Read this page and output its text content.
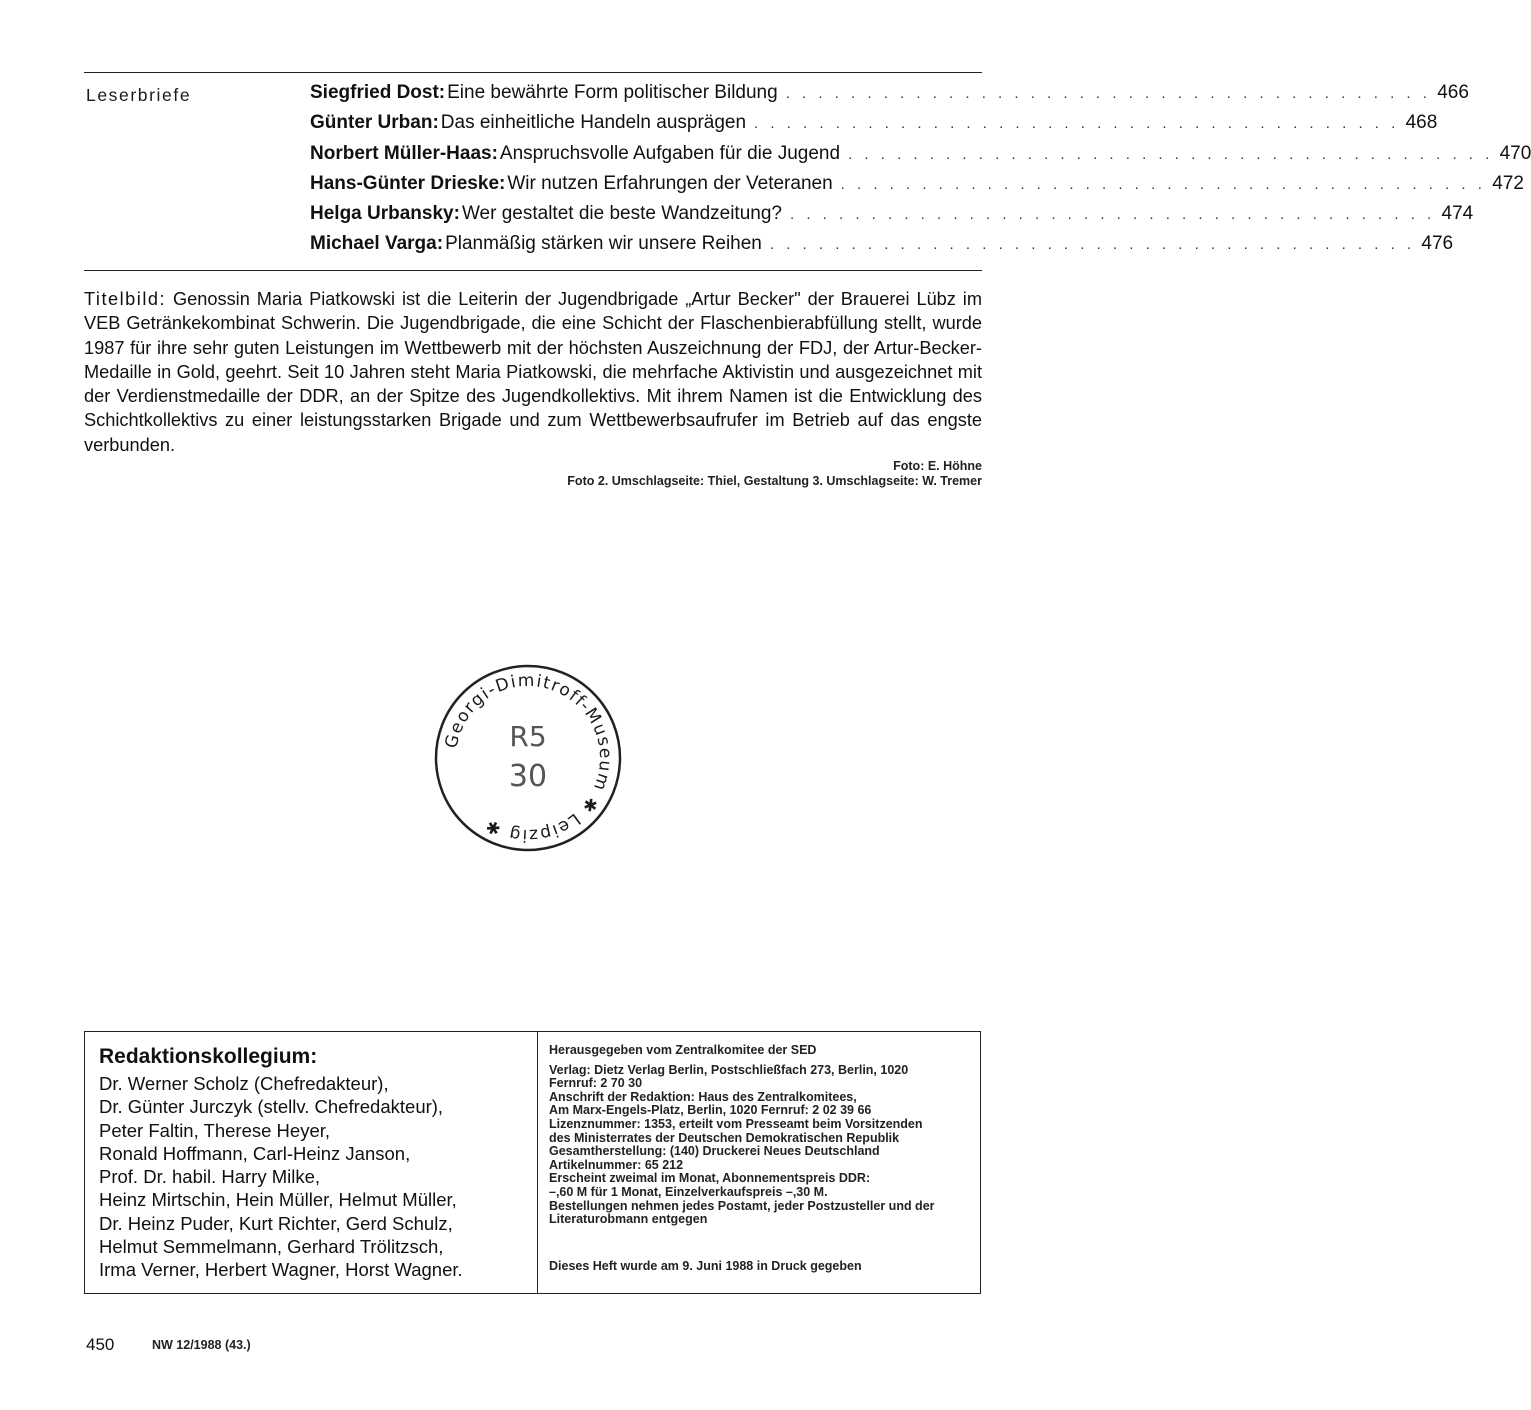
Leserbriefe	Siegfried Dost: Eine bewährte Form politischer Bildung . . . . . . . . . . . . . . . . . . . . . . . . . . . . . . . . . . . . . . . . 466
Günter Urban: Das einheitliche Handeln ausprägen . . . . . . . . . . . . . . . . . . . . . . . . . . . . . . . . . . . . . . . . 468
Norbert Müller-Haas: Anspruchsvolle Aufgaben für die Jugend . . . . . . . . . . . . . . . . . . . . . . . . . . . . . . . . . . . . . . . . 470
Hans-Günter Drieske: Wir nutzen Erfahrungen der Veteranen . . . . . . . . . . . . . . . . . . . . . . . . . . . . . . . . . . . . . . . . 472
Helga Urbansky: Wer gestaltet die beste Wandzeitung? . . . . . . . . . . . . . . . . . . . . . . . . . . . . . . . . . . . . . . . . 474
Michael Varga: Planmäßig stärken wir unsere Reihen . . . . . . . . . . . . . . . . . . . . . . . . . . . . . . . . . . . . . . . . 476

Titelbild: Genossin Maria Piatkowski ist die Leiterin der Jugendbrigade „Artur Becker" der Brauerei Lübz im VEB Getränkekombinat Schwerin. Die Jugendbrigade, die eine Schicht der Flaschenbierabfüllung stellt, wurde 1987 für ihre sehr guten Leistungen im Wettbewerb mit der höchsten Auszeichnung der FDJ, der Artur-Becker-Medaille in Gold, geehrt. Seit 10 Jahren steht Maria Piatkowski, die mehrfache Aktivistin und ausgezeichnet mit der Verdienstmedaille der DDR, an der Spitze des Jugendkollektivs. Mit ihrem Namen ist die Entwicklung des Schichtkollektivs zu einer leistungsstarken Brigade und zum Wettbewerbsaufrufer im Betrieb auf das engste verbunden.

Foto: E. Höhne
Foto 2. Umschlagseite: Thiel, Gestaltung 3. Umschlagseite: W. Tremer
Georgi-Dimitroff-Museum ✱ Leipzig ✱
R5
30
Redaktionskollegium:
Dr. Werner Scholz (Chefredakteur),
Dr. Günter Jurczyk (stellv. Chefredakteur),
Peter Faltin, Therese Heyer,
Ronald Hoffmann, Carl-Heinz Janson,
Prof. Dr. habil. Harry Milke,
Heinz Mirtschin, Hein Müller, Helmut Müller,
Dr. Heinz Puder, Kurt Richter, Gerd Schulz,
Helmut Semmelmann, Gerhard Trölitzsch,
Irma Verner, Herbert Wagner, Horst Wagner.
Herausgegeben vom Zentralkomitee der SED
Verlag: Dietz Verlag Berlin, Postschließfach 273, Berlin, 1020
Fernruf: 2 70 30
Anschrift der Redaktion: Haus des Zentralkomitees,
Am Marx-Engels-Platz, Berlin, 1020 Fernruf: 2 02 39 66
Lizenznummer: 1353, erteilt vom Presseamt beim Vorsitzenden
des Ministerrates der Deutschen Demokratischen Republik
Gesamtherstellung: (140) Druckerei Neues Deutschland
Artikelnummer: 65 212
Erscheint zweimal im Monat, Abonnementspreis DDR:
–,60 M für 1 Monat, Einzelverkaufspreis –,30 M.
Bestellungen nehmen jedes Postamt, jeder Postzusteller und der
Literaturobmann entgegen
Dieses Heft wurde am 9. Juni 1988 in Druck gegeben
450	NW 12/1988 (43.)
